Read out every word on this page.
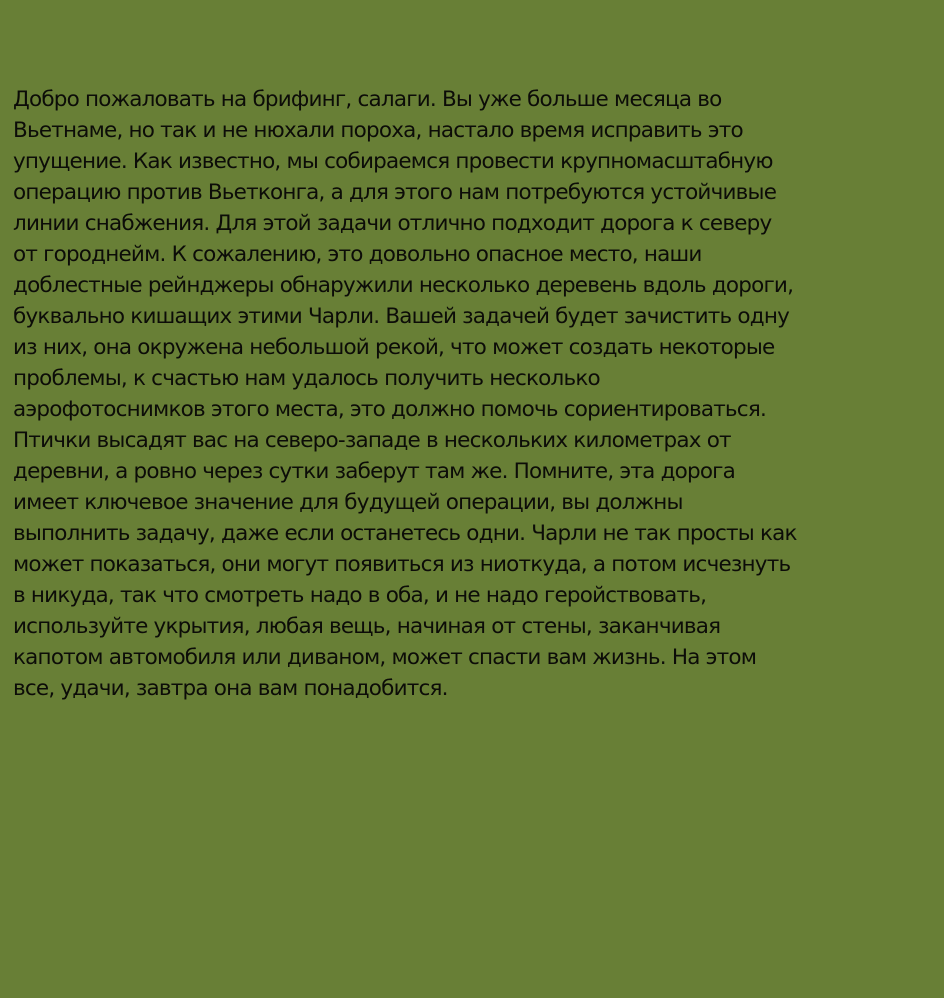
Добро пожаловать на брифинг, салаги. Вы уже больше месяца во
Вьетнаме, но так и не нюхали пороха, настало время исправить это
упущение. Как известно, мы собираемся провести крупномасштабную
операцию против Вьетконга, а для этого нам потребуются устойчивые
линии снабжения. Для этой задачи отлично подходит дорога к северу
от городнейм. К сожалению, это довольно опасное место, наши
доблестные рейнджеры обнаружили несколько деревень вдоль дороги,
буквально кишащих этими Чарли. Вашей задачей будет зачистить одну
из них, она окружена небольшой рекой, что может создать некоторые
проблемы, к счастью нам удалось получить несколько
аэрофотоснимков этого места, это должно помочь сориентироваться.
Птички высадят вас на северо-западе в нескольких километрах от
деревни, а ровно через сутки заберут там же. Помните, эта дорога
имеет ключевое значение для будущей операции, вы должны
выполнить задачу, даже если останетесь одни. Чарли не так просты как
может показаться, они могут появиться из ниоткуда, а потом исчезнуть
в никуда, так что смотреть надо в оба, и не надо геройствовать,
используйте укрытия, любая вещь, начиная от стены, заканчивая
капотом автомобиля или диваном, может спасти вам жизнь. На этом
все, удачи, завтра она вам понадобится.
